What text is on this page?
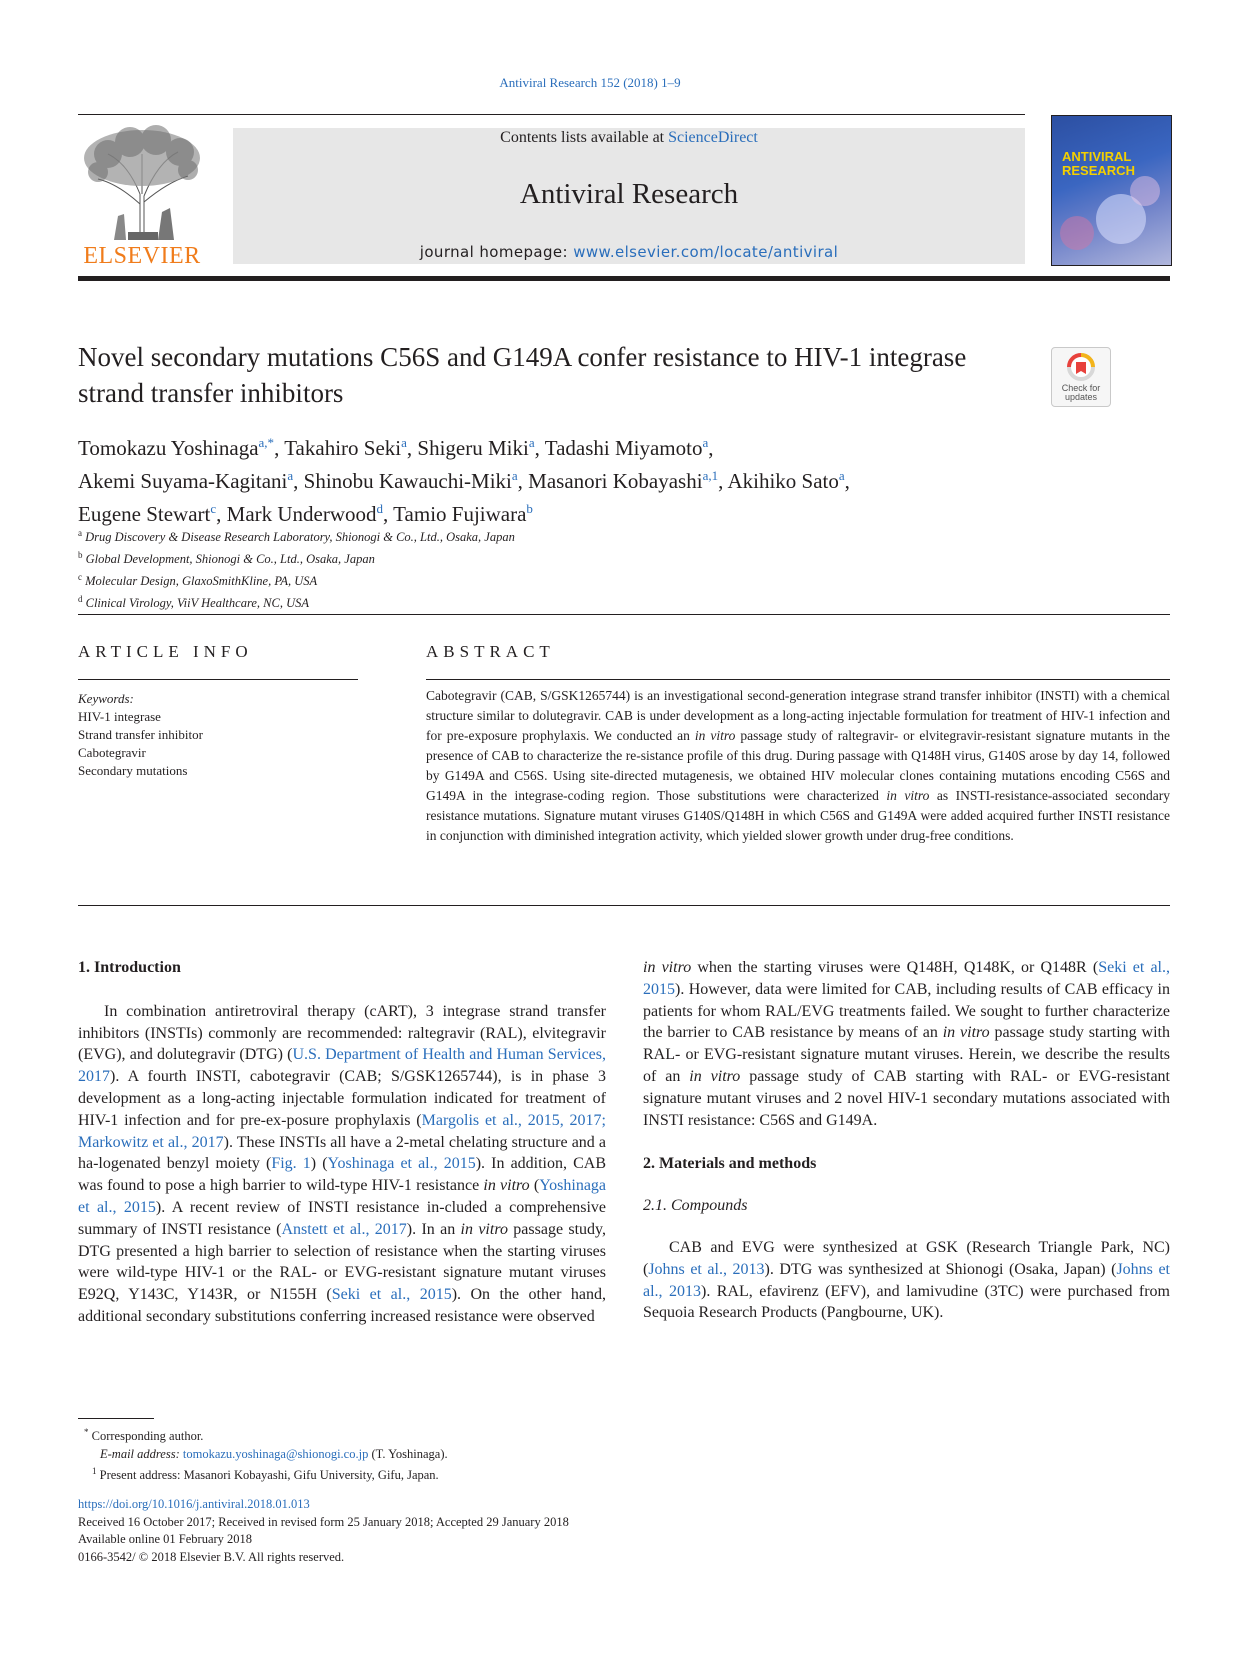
Antiviral Research 152 (2018) 1–9
ELSEVIER
Contents lists available at ScienceDirect
Antiviral Research
journal homepage: www.elsevier.com/locate/antiviral
ANTIVIRAL RESEARCH
Novel secondary mutations C56S and G149A confer resistance to HIV-1 integrase strand transfer inhibitors	Check for updates
Tomokazu Yoshinaga$^{a,*}$, Takahiro Seki$^a$, Shigeru Miki$^a$, Tadashi Miyamoto$^a$,
Akemi Suyama-Kagitani$^a$, Shinobu Kawauchi-Miki$^a$, Masanori Kobayashi$^{a,1}$, Akihiko Sato$^a$,
Eugene Stewart$^c$, Mark Underwood$^d$, Tamio Fujiwara$^b$
$^a$ Drug Discovery & Disease Research Laboratory, Shionogi & Co., Ltd., Osaka, Japan
$^b$ Global Development, Shionogi & Co., Ltd., Osaka, Japan
$^c$ Molecular Design, GlaxoSmithKline, PA, USA
$^d$ Clinical Virology, ViiV Healthcare, NC, USA
ARTICLE INFO	ABSTRACT
Keywords:
HIV-1 integrase
Strand transfer inhibitor
Cabotegravir
Secondary mutations
Cabotegravir (CAB, S/GSK1265744) is an investigational second-generation integrase strand transfer inhibitor (INSTI) with a chemical structure similar to dolutegravir. CAB is under development as a long-acting injectable formulation for treatment of HIV-1 infection and for pre-exposure prophylaxis. We conducted an in vitro passage study of raltegravir- or elvitegravir-resistant signature mutants in the presence of CAB to characterize the re-sistance profile of this drug. During passage with Q148H virus, G140S arose by day 14, followed by G149A and C56S. Using site-directed mutagenesis, we obtained HIV molecular clones containing mutations encoding C56S and G149A in the integrase-coding region. Those substitutions were characterized in vitro as INSTI-resistance-associated secondary resistance mutations. Signature mutant viruses G140S/Q148H in which C56S and G149A were added acquired further INSTI resistance in conjunction with diminished integration activity, which yielded slower growth under drug-free conditions.
1. Introduction

In combination antiretroviral therapy (cART), 3 integrase strand transfer inhibitors (INSTIs) commonly are recommended: raltegravir (RAL), elvitegravir (EVG), and dolutegravir (DTG) (U.S. Department of Health and Human Services, 2017). A fourth INSTI, cabotegravir (CAB; S/GSK1265744), is in phase 3 development as a long-acting injectable formulation indicated for treatment of HIV-1 infection and for pre-ex-posure prophylaxis (Margolis et al., 2015, 2017; Markowitz et al., 2017). These INSTIs all have a 2-metal chelating structure and a ha-logenated benzyl moiety (Fig. 1) (Yoshinaga et al., 2015). In addition, CAB was found to pose a high barrier to wild-type HIV-1 resistance in vitro (Yoshinaga et al., 2015). A recent review of INSTI resistance in-cluded a comprehensive summary of INSTI resistance (Anstett et al., 2017). In an in vitro passage study, DTG presented a high barrier to selection of resistance when the starting viruses were wild-type HIV-1 or the RAL- or EVG-resistant signature mutant viruses E92Q, Y143C, Y143R, or N155H (Seki et al., 2015). On the other hand, additional secondary substitutions conferring increased resistance were observed

in vitro when the starting viruses were Q148H, Q148K, or Q148R (Seki et al., 2015). However, data were limited for CAB, including results of CAB efficacy in patients for whom RAL/EVG treatments failed. We sought to further characterize the barrier to CAB resistance by means of an in vitro passage study starting with RAL- or EVG-resistant signature mutant viruses. Herein, we describe the results of an in vitro passage study of CAB starting with RAL- or EVG-resistant signature mutant viruses and 2 novel HIV-1 secondary mutations associated with INSTI resistance: C56S and G149A.

2. Materials and methods
2.1. Compounds

CAB and EVG were synthesized at GSK (Research Triangle Park, NC) (Johns et al., 2013). DTG was synthesized at Shionogi (Osaka, Japan) (Johns et al., 2013). RAL, efavirenz (EFV), and lamivudine (3TC) were purchased from Sequoia Research Products (Pangbourne, UK).

* Corresponding author.
E-mail address: tomokazu.yoshinaga@shionogi.co.jp (T. Yoshinaga).
$^1$ Present address: Masanori Kobayashi, Gifu University, Gifu, Japan.
https://doi.org/10.1016/j.antiviral.2018.01.013
Received 16 October 2017; Received in revised form 25 January 2018; Accepted 29 January 2018
Available online 01 February 2018
0166-3542/ © 2018 Elsevier B.V. All rights reserved.
